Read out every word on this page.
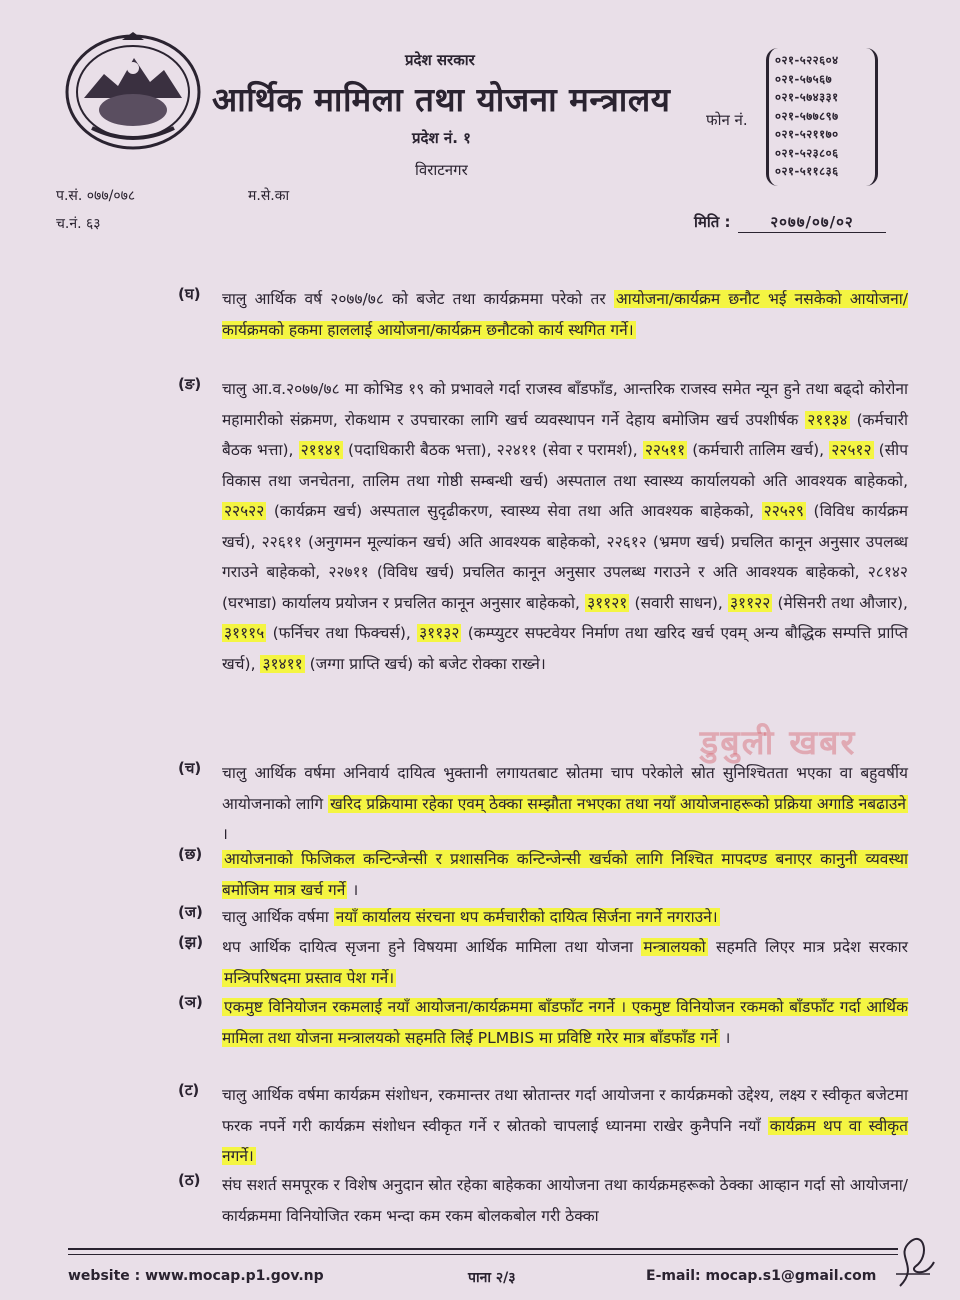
प्रदेश सरकार
आर्थिक मामिला तथा योजना मन्त्रालय
प्रदेश नं. १
विराटनगर
फोन नं.
०२१-५२२६०४
०२१-५७५६७
०२१-५७४३३१
०२१-५७७८९७
०२१-५२११७०
०२१-५२३८०६
०२१-५११८३६
प.सं. ०७७/०७८	म.से.का
च.नं. ६३	मिति :	२०७७/०७/०२
(घ) चालु आर्थिक वर्ष २०७७/७८ को बजेट तथा कार्यक्रममा परेको तर आयोजना/कार्यक्रम छनौट भई नसकेको आयोजना/कार्यक्रमको हकमा हाललाई आयोजना/कार्यक्रम छनौटको कार्य स्थगित गर्ने।
(ङ) चालु आ.व.२०७७/७८ मा कोभिड १९ को प्रभावले गर्दा राजस्व बाँडफाँड, आन्तरिक राजस्व समेत न्यून हुने तथा बढ्दो कोरोना महामारीको संक्रमण, रोकथाम र उपचारका लागि खर्च व्यवस्थापन गर्ने देहाय बमोजिम खर्च उपशीर्षक २११३४ (कर्मचारी बैठक भत्ता), २११४१ (पदाधिकारी बैठक भत्ता), २२४११ (सेवा र परामर्श), २२५११ (कर्मचारी तालिम खर्च), २२५१२ (सीप विकास तथा जनचेतना, तालिम तथा गोष्ठी सम्बन्धी खर्च) अस्पताल तथा स्वास्थ्य कार्यालयको अति आवश्यक बाहेकको, २२५२२ (कार्यक्रम खर्च) अस्पताल सुदृढीकरण, स्वास्थ्य सेवा तथा अति आवश्यक बाहेकको, २२५२९ (विविध कार्यक्रम खर्च), २२६११ (अनुगमन मूल्यांकन खर्च) अति आवश्यक बाहेकको, २२६१२ (भ्रमण खर्च) प्रचलित कानून अनुसार उपलब्ध गराउने बाहेकको, २२७११ (विविध खर्च) प्रचलित कानून अनुसार उपलब्ध गराउने र अति आवश्यक बाहेकको, २८१४२ (घरभाडा) कार्यालय प्रयोजन र प्रचलित कानून अनुसार बाहेकको, ३११२१ (सवारी साधन), ३११२२ (मेसिनरी तथा औजार), ३१११५ (फर्निचर तथा फिक्चर्स), ३११३२ (कम्प्युटर सफ्टवेयर निर्माण तथा खरिद खर्च एवम् अन्य बौद्धिक सम्पत्ति प्राप्ति खर्च), ३१४११ (जग्गा प्राप्ति खर्च) को बजेट रोक्का राख्ने।
(च) चालु आर्थिक वर्षमा अनिवार्य दायित्व भुक्तानी लगायतबाट स्रोतमा चाप परेकोले स्रोत सुनिश्चितता भएका वा बहुवर्षीय आयोजनाको लागि खरिद प्रक्रियामा रहेका एवम् ठेक्का सम्झौता नभएका तथा नयाँ आयोजनाहरूको प्रक्रिया अगाडि नबढाउने ।
(छ) आयोजनाको फिजिकल कन्टिन्जेन्सी र प्रशासनिक कन्टिन्जेन्सी खर्चको लागि निश्चित मापदण्ड बनाएर कानुनी व्यवस्था बमोजिम मात्र खर्च गर्ने ।
(ज) चालु आर्थिक वर्षमा नयाँ कार्यालय संरचना थप कर्मचारीको दायित्व सिर्जना नगर्ने नगराउने।
(झ) थप आर्थिक दायित्व सृजना हुने विषयमा आर्थिक मामिला तथा योजना मन्त्रालयको सहमति लिएर मात्र प्रदेश सरकार मन्त्रिपरिषदमा प्रस्ताव पेश गर्ने।
(ञ) एकमुष्ट विनियोजन रकमलाई नयाँ आयोजना/कार्यक्रममा बाँडफाँट नगर्ने । एकमुष्ट विनियोजन रकमको बाँडफाँट गर्दा आर्थिक मामिला तथा योजना मन्त्रालयको सहमति लिई PLMBIS मा प्रविष्टि गरेर मात्र बाँडफाँड गर्ने ।
(ट) चालु आर्थिक वर्षमा कार्यक्रम संशोधन, रकमान्तर तथा स्रोतान्तर गर्दा आयोजना र कार्यक्रमको उद्देश्य, लक्ष्य र स्वीकृत बजेटमा फरक नपर्ने गरी कार्यक्रम संशोधन स्वीकृत गर्ने र स्रोतको चापलाई ध्यानमा राखेर कुनैपनि नयाँ कार्यक्रम थप वा स्वीकृत नगर्ने।
(ठ) संघ सशर्त समपूरक र विशेष अनुदान स्रोत रहेका बाहेकका आयोजना तथा कार्यक्रमहरूको ठेक्का आव्हान गर्दा सो आयोजना/कार्यक्रममा विनियोजित रकम भन्दा कम रकम बोलकबोल गरी ठेक्का
डुबुली खबर
website : www.mocap.p1.gov.np	पाना २/३	E-mail: mocap.s1@gmail.com
